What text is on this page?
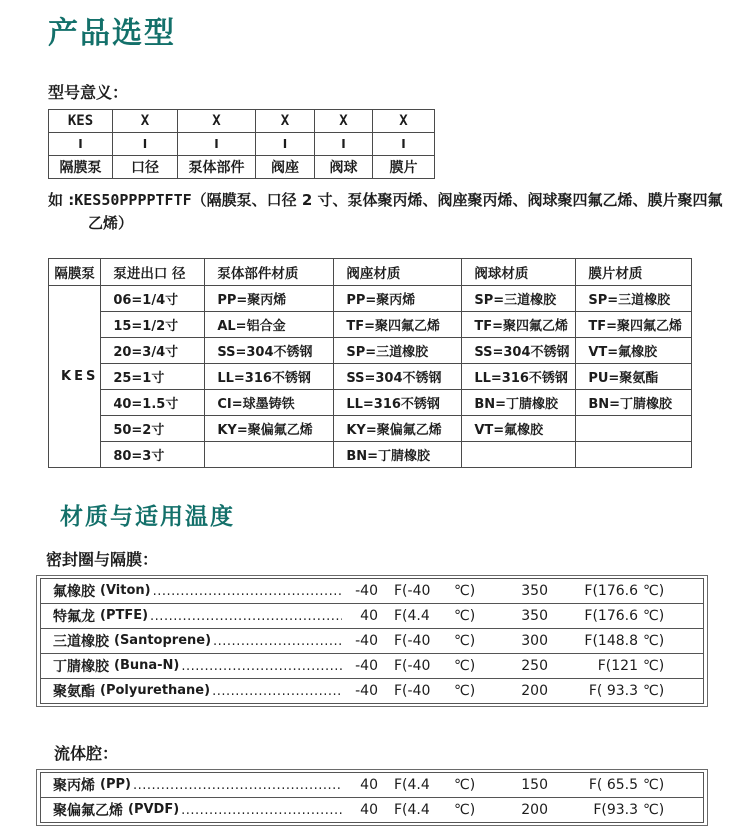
产品选型
型号意义：
KES	X	X	X	X	X
I	I	I	I	I	I
隔膜泵	口径	泵体部件	阀座	阀球	膜片

如 :KES50PPPPTFTF（隔膜泵、口径 2 寸、泵体聚丙烯、阀座聚丙烯、阀球聚四氟乙烯、膜片聚四氟乙烯）

隔膜泵	泵进出口 径	泵体部件材质	阀座材质	阀球材质	膜片材质
KES	06=1/4寸	PP=聚丙烯	PP=聚丙烯	SP=三道橡胶	SP=三道橡胶
	15=1/2寸	AL=铝合金	TF=聚四氟乙烯	TF=聚四氟乙烯	TF=聚四氟乙烯
	20=3/4寸	SS=304不锈钢	SP=三道橡胶	SS=304不锈钢	VT=氟橡胶
	25=1寸	LL=316不锈钢	SS=304不锈钢	LL=316不锈钢	PU=聚氨酯
	40=1.5寸	CI=球墨铸铁	LL=316不锈钢	BN=丁腈橡胶	BN=丁腈橡胶
	50=2寸	KY=聚偏氟乙烯	KY=聚偏氟乙烯	VT=氟橡胶	
	80=3寸		BN=丁腈橡胶		
材质与适用温度
密封圈与隔膜：
氟橡胶 (Viton) .....	-40 F(-40	℃)	350	F(176.6 ℃)
特氟龙 (PTFE) .....	40 F(4.4	℃)	350	F(176.6 ℃)
三道橡胶 (Santoprene) .....	-40 F(-40	℃)	300	F(148.8 ℃)
丁腈橡胶 (Buna-N) .....	-40 F(-40	℃)	250	F(121 ℃)
聚氨酯 (Polyurethane) .....	-40 F(-40	℃)	200	F( 93.3 ℃)
流体腔：
聚丙烯 (PP) .....	40 F(4.4	℃)	150	F( 65.5 ℃)
聚偏氟乙烯 (PVDF) .....	40 F(4.4	℃)	200	F(93.3 ℃)
